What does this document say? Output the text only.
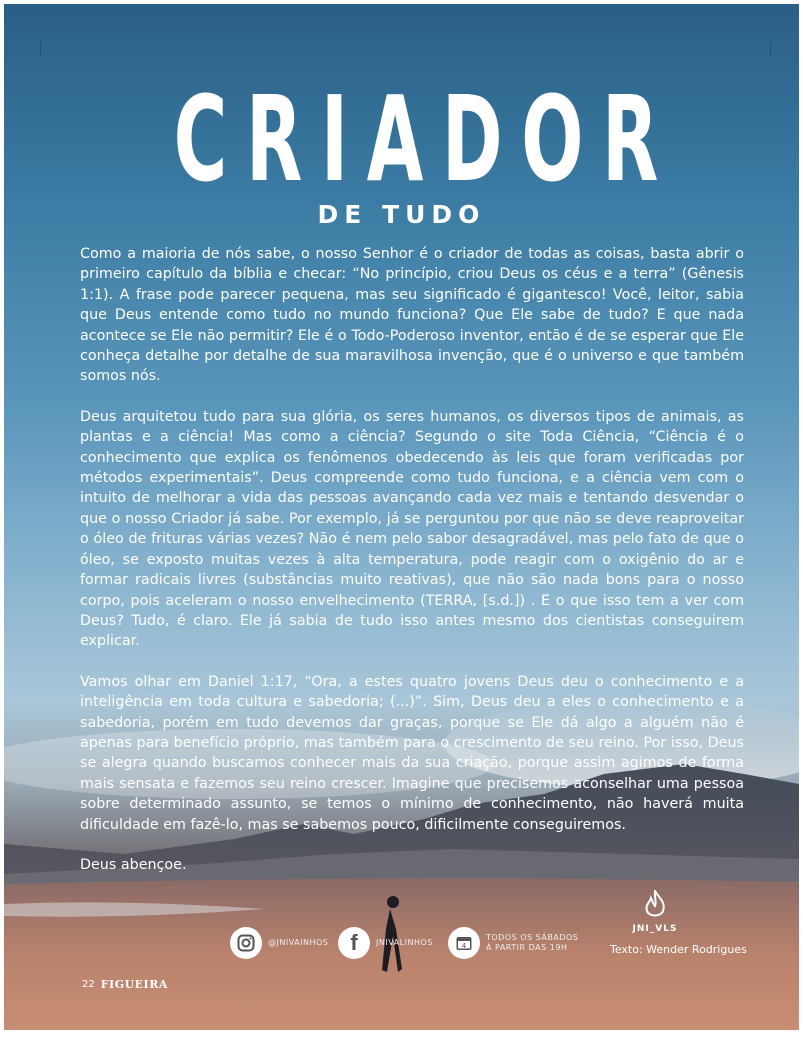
CRIADOR
DE TUDO

Como a maioria de nós sabe, o nosso Senhor é o criador de todas as coisas, basta abrir o primeiro capítulo da bíblia e checar: “No princípio, criou Deus os céus e a terra” (Gênesis 1:1). A frase pode parecer pequena, mas seu significado é gigantesco! Você, leitor, sabia que Deus entende como tudo no mundo funciona? Que Ele sabe de tudo? E que nada acontece se Ele não permitir? Ele é o Todo-Poderoso inventor, então é de se esperar que Ele conheça detalhe por detalhe de sua maravilhosa invenção, que é o universo e que também somos nós.

Deus arquitetou tudo para sua glória, os seres humanos, os diversos tipos de animais, as plantas e a ciência! Mas como a ciência? Segundo o site Toda Ciência, “Ciência é o conhecimento que explica os fenômenos obedecendo às leis que foram verificadas por métodos experimentais”. Deus compreende como tudo funciona, e a ciência vem com o intuito de melhorar a vida das pessoas avançando cada vez mais e tentando desvendar o que o nosso Criador já sabe. Por exemplo, já se perguntou por que não se deve reaproveitar o óleo de frituras várias vezes? Não é nem pelo sabor desagradável, mas pelo fato de que o óleo, se exposto muitas vezes à alta temperatura, pode reagir com o oxigênio do ar e formar radicais livres (substâncias muito reativas), que não são nada bons para o nosso corpo, pois aceleram o nosso envelhecimento (TERRA, [s.d.]) . E o que isso tem a ver com Deus? Tudo, é claro. Ele já sabia de tudo isso antes mesmo dos cientistas conseguirem explicar.

Vamos olhar em Daniel 1:17, “Ora, a estes quatro jovens Deus deu o conhecimento e a inteligência em toda cultura e sabedoria; (...)”. Sim, Deus deu a eles o conhecimento e a sabedoria, porém em tudo devemos dar graças, porque se Ele dá algo a alguém não é apenas para benefício próprio, mas também para o crescimento de seu reino. Por isso, Deus se alegra quando buscamos conhecer mais da sua criação, porque assim agimos de forma mais sensata e fazemos seu reino crescer. Imagine que precisemos aconselhar uma pessoa sobre determinado assunto, se temos o mínimo de conhecimento, não haverá muita dificuldade em fazê-lo, mas se sabemos pouco, dificilmente conseguiremos.

Deus abençoe.

@JNIVAINHOS f JNIVALINHOS	4
TODOS OS SÁBADOS
À PARTIR DAS 19H
JNI_VLS
Texto: Wender Rodrigues
22 FIGUEIRA
